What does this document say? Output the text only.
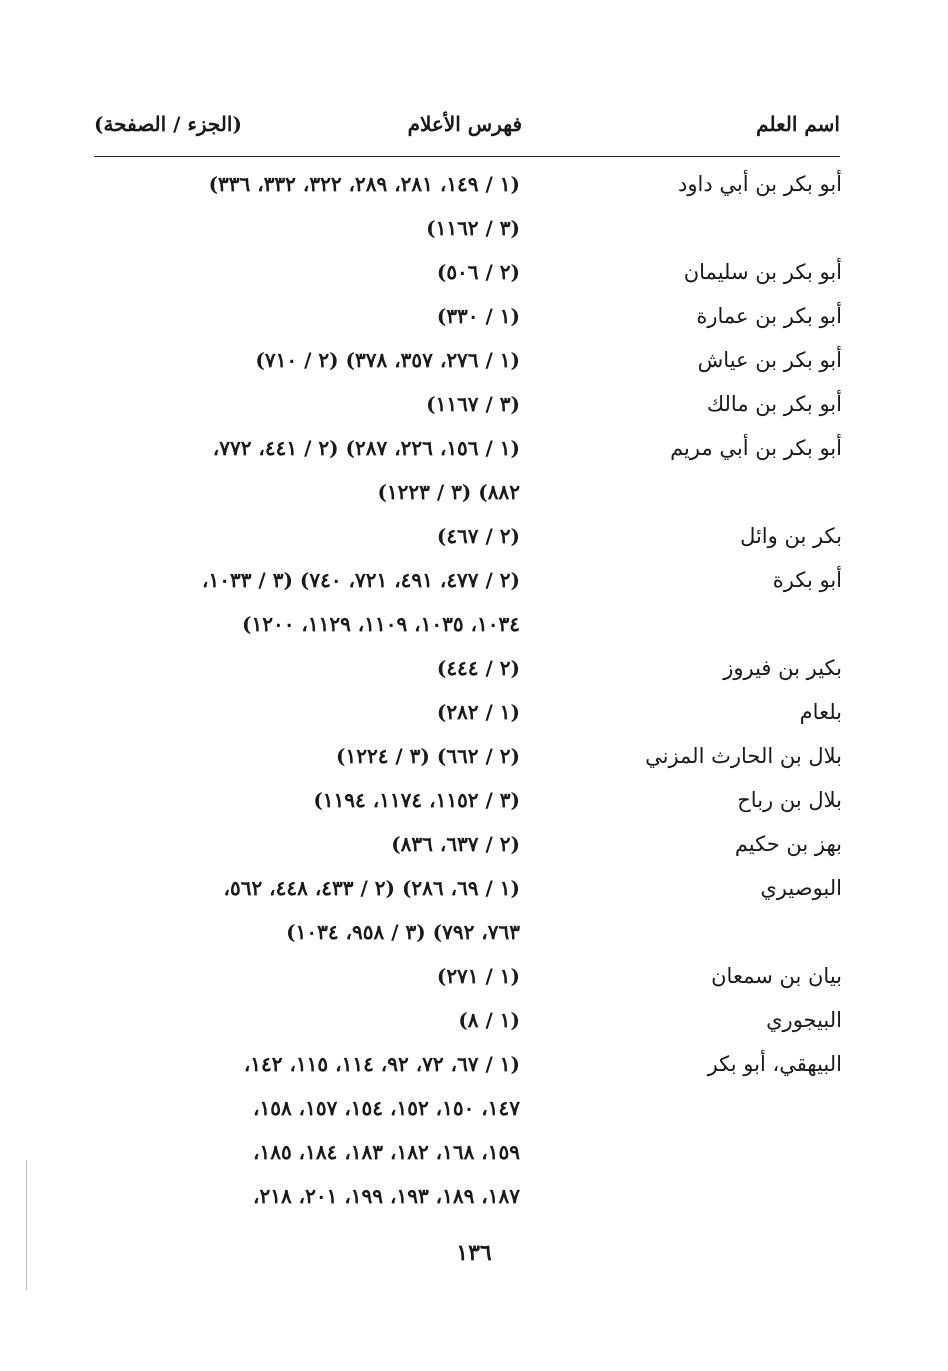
اسم العلم
فهرس الأعلام
(الجزء / الصفحة)
أبو بكر بن أبي داود
(١ / ١٤٩، ٢٨١، ٢٨٩، ٣٢٢، ٣٣٢، ٣٣٦)
(٣ / ١١٦٢)
أبو بكر بن سليمان
(٢ / ٥٠٦)
أبو بكر بن عمارة
(١ / ٣٣٠)
أبو بكر بن عياش
(١ / ٢٧٦، ٣٥٧، ٣٧٨) (٢ / ٧١٠)
أبو بكر بن مالك
(٣ / ١١٦٧)
أبو بكر بن أبي مريم
(١ / ١٥٦، ٢٢٦، ٢٨٧) (٢ / ٤٤١، ٧٧٢،
٨٨٢) (٣ / ١٢٢٣)
بكر بن وائل
(٢ / ٤٦٧)
أبو بكرة
(٢ / ٤٧٧، ٤٩١، ٧٢١، ٧٤٠) (٣ / ١٠٣٣،
١٠٣٤، ١٠٣٥، ١١٠٩، ١١٢٩، ١٢٠٠)
بكير بن فيروز
(٢ / ٤٤٤)
بلعام
(١ / ٢٨٢)
بلال بن الحارث المزني
(٢ / ٦٦٢) (٣ / ١٢٢٤)
بلال بن رباح
(٣ / ١١٥٢، ١١٧٤، ١١٩٤)
بهز بن حكيم
(٢ / ٦٣٧، ٨٣٦)
البوصيري
(١ / ٦٩، ٢٨٦) (٢ / ٤٣٣، ٤٤٨، ٥٦٢،
٧٦٣، ٧٩٢) (٣ / ٩٥٨، ١٠٣٤)
بيان بن سمعان
(١ / ٢٧١)
البيجوري
(١ / ٨)
البيهقي، أبو بكر
(١ / ٦٧، ٧٢، ٩٢، ١١٤، ١١٥، ١٤٢،
١٤٧، ١٥٠، ١٥٢، ١٥٤، ١٥٧، ١٥٨،
١٥٩، ١٦٨، ١٨٢، ١٨٣، ١٨٤، ١٨٥،
١٨٧، ١٨٩، ١٩٣، ١٩٩، ٢٠١، ٢١٨،
١٣٦
